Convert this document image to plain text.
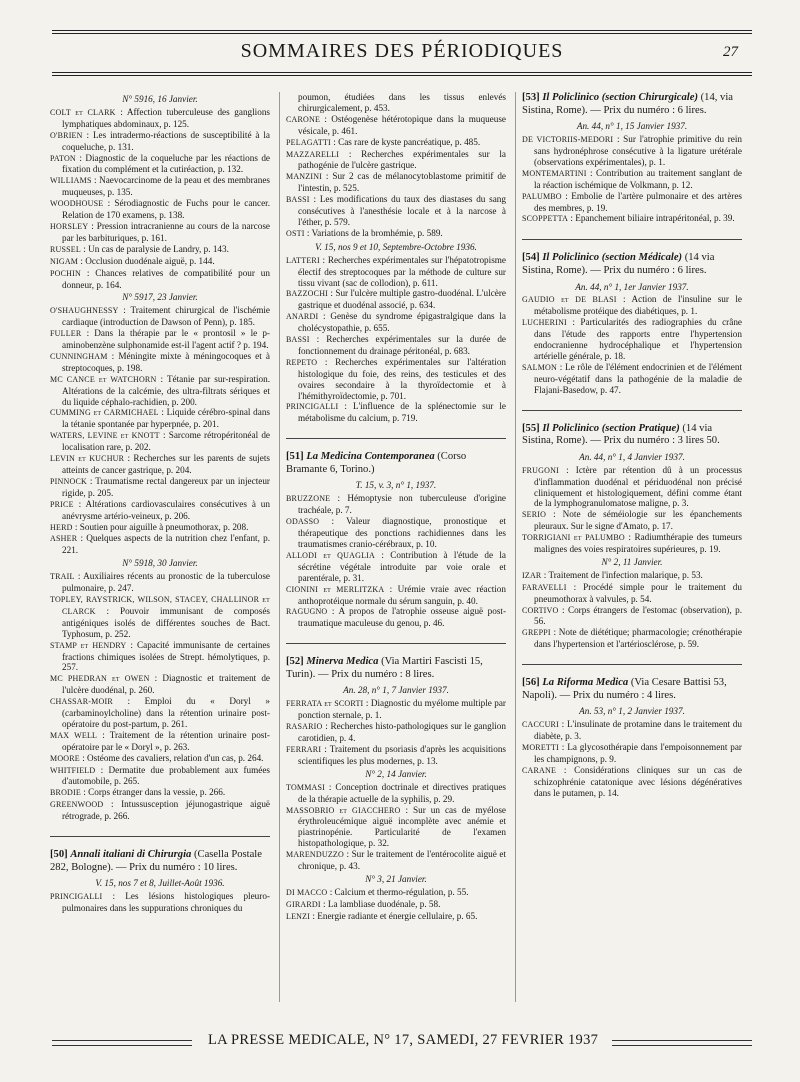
SOMMAIRES DES PÉRIODIQUES	27
N° 5916, 16 Janvier.
COLT et CLARK : Affection tuberculeuse des ganglions lymphatiques abdominaux, p. 125.
O'BRIEN : Les intradermo-réactions de susceptibilité à la coqueluche, p. 131.
PATON : Diagnostic de la coqueluche par les réactions de fixation du complément et la cutiréaction, p. 132.
WILLIAMS : Naevocarcinome de la peau et des membranes muqueuses, p. 135.
WOODHOUSE : Sérodiagnostic de Fuchs pour le cancer. Relation de 170 examens, p. 138.
HORSLEY : Pression intracranienne au cours de la narcose par les barbituriques, p. 161.
RUSSEL : Un cas de paralysie de Landry, p. 143.
NIGAM : Occlusion duodénale aiguë, p. 144.
POCHIN : Chances relatives de compatibilité pour un donneur, p. 164.
N° 5917, 23 Janvier.
O'SHAUGHNESSY : Traitement chirurgical de l'ischémie cardiaque (introduction de Dawson of Penn), p. 185.
FULLER : Dans la thérapie par le « prontosil » le p- aminobenzène sulphonamide est-il l'agent actif ? p. 194.
CUNNINGHAM : Méningite mixte à méningocoques et à streptocoques, p. 198.
MC CANCE et WATCHORN : Tétanie par sur-respiration. Altérations de la calcémie, des ultra-filtrats sériques et du liquide céphalo-rachidien, p. 200.
CUMMING et CARMICHAEL : Liquide cérébro-spinal dans la tétanie spontanée par hyperpnée, p. 201.
WATERS, LEVINE et KNOTT : Sarcome rétropéritonéal de localisation rare, p. 202.
LEVIN et KUCHUR : Recherches sur les parents de sujets atteints de cancer gastrique, p. 204.
PINNOCK : Traumatisme rectal dangereux par un injecteur rigide, p. 205.
PRICE : Altérations cardiovasculaires consécutives à un anévrysme artério-veineux, p. 206.
HERD : Soutien pour aiguille à pneumothorax, p. 208.
ASHER : Quelques aspects de la nutrition chez l'enfant, p. 221.
N° 5918, 30 Janvier.
TRAIL : Auxiliaires récents au pronostic de la tuberculose pulmonaire, p. 247.
TOPLEY, RAYSTRICK, WILSON, STACEY, CHALLINOR et CLARCK : Pouvoir immunisant de composés antigéniques isolés de différentes souches de Bact. Typhosum, p. 252.
STAMP et HENDRY : Capacité immunisante de certaines fractions chimiques isolées de Strept. hémolytiques, p. 257.
MC PHEDRAN et OWEN : Diagnostic et traitement de l'ulcère duodénal, p. 260.
CHASSAR-MOIR : Emploi du « Doryl » (carbaminoylcholine) dans la rétention urinaire post-opératoire du post-partum, p. 261.
MAX WELL : Traitement de la rétention urinaire post-opératoire par le « Doryl », p. 263.
MOORE : Ostéome des cavaliers, relation d'un cas, p. 264.
WHITFIELD : Dermatite due probablement aux fumées d'automobile, p. 265.
BRODIE : Corps étranger dans la vessie, p. 266.
GREENWOOD : Intussusception jéjunogastrique aiguë rétrograde, p. 266.
[50] Annali italiani di Chirurgia (Casella Postale 282, Bologne). — Prix du numéro : 10 lires.
V. 15, nos 7 et 8, Juillet-Août 1936.
PRINCIGALLI : Les lésions histologiques pleuro-pulmonaires dans les suppurations chroniques du
poumon, étudiées dans les tissus enlevés chirurgicalement, p. 453.
CARONE : Ostéogenèse hétérotopique dans la muqueuse vésicale, p. 461.
PELAGATTI : Cas rare de kyste pancréatique, p. 485.
MAZZARELLI : Recherches expérimentales sur la pathogénie de l'ulcère gastrique.
MANZINI : Sur 2 cas de mélanocytoblastome primitif de l'intestin, p. 525.
BASSI : Les modifications du taux des diastases du sang consécutives à l'anesthésie locale et à la narcose à l'éther, p. 579.
OSTI : Variations de la bromhémie, p. 589.
V. 15, nos 9 et 10, Septembre-Octobre 1936.
LATTERI : Recherches expérimentales sur l'hépatotropisme électif des streptocoques par la méthode de culture sur tissu vivant (sac de collodion), p. 611.
BAZZOCHI : Sur l'ulcère multiple gastro-duodénal. L'ulcère gastrique et duodénal associé, p. 634.
ANARDI : Genèse du syndrome épigastralgique dans la cholécystopathie, p. 655.
BASSI : Recherches expérimentales sur la durée de fonctionnement du drainage péritonéal, p. 683.
REPETO : Recherches expérimentales sur l'altération histologique du foie, des reins, des testicules et des ovaires secondaire à la thyroïdectomie et à l'hémithyroïdectomie, p. 701.
PRINCIGALLI : L'influence de la splénectomie sur le métabolisme du calcium, p. 719.
[51] La Medicina Contemporanea (Corso Bramante 6, Torino.)
T. 15, v. 3, n° 1, 1937.
BRUZZONE : Hémoptysie non tuberculeuse d'origine trachéale, p. 7.
ODASSO : Valeur diagnostique, pronostique et thérapeutique des ponctions rachidiennes dans les traumatismes cranio-cérébraux, p. 10.
ALLODI et QUAGLIA : Contribution à l'étude de la sécrétine végétale introduite par voie orale et parentérale, p. 31.
CIONINI et MERLITZKA : Urémie vraie avec réaction anthoprotéique normale du sérum sanguin, p. 40.
RAGUGNO : A propos de l'atrophie osseuse aiguë post-traumatique maculeuse du genou, p. 46.
[52] Minerva Medica (Via Martiri Fascisti 15, Turin). — Prix du numéro : 8 lires.
An. 28, n° 1, 7 Janvier 1937.
FERRATA et SCORTI : Diagnostic du myélome multiple par ponction sternale, p. 1.
RASARIO : Recherches histo-pathologiques sur le ganglion carotidien, p. 4.
FERRARI : Traitement du psoriasis d'après les acquisitions scientifiques les plus modernes, p. 13.
N° 2, 14 Janvier.
TOMMASI : Conception doctrinale et directives pratiques de la thérapie actuelle de la syphilis, p. 29.
MASSOBRIO et GIACCHERO : Sur un cas de myélose érythroleucémique aiguë incomplète avec anémie et piastrinopénie. Particularité de l'examen histopathologique, p. 32.
MARENDUZZO : Sur le traitement de l'entérocolite aiguë et chronique, p. 43.
N° 3, 21 Janvier.
DI MACCO : Calcium et thermo-régulation, p. 55.
GIRARDI : La lambliase duodénale, p. 58.
LENZI : Energie radiante et énergie cellulaire, p. 65.
[53] Il Policlinico (section Chirurgicale) (14, via Sistina, Rome). — Prix du numéro : 6 lires.
An. 44, n° 1, 15 Janvier 1937.
DE VICTORIIS-MEDORI : Sur l'atrophie primitive du rein sans hydronéphrose consécutive à la ligature urétérale (observations expérimentales), p. 1.
MONTEMARTINI : Contribution au traitement sanglant de la réaction ischémique de Volkmann, p. 12.
PALUMBO : Embolie de l'artère pulmonaire et des artères des membres, p. 19.
SCOPPETTA : Epanchement biliaire intrapéritonéal, p. 39.
[54] Il Policlinico (section Médicale) (14 via Sistina, Rome). — Prix du numéro : 6 lires.
An. 44, n° 1, 1er Janvier 1937.
GAUDIO et DE BLASI : Action de l'insuline sur le métabolisme protéique des diabétiques, p. 1.
LUCHERINI : Particularités des radiographies du crâne dans l'étude des rapports entre l'hypertension endocranienne hydrocéphalique et l'hypertension artérielle générale, p. 18.
SALMON : Le rôle de l'élément endocrinien et de l'élément neuro-végétatif dans la pathogénie de la maladie de Flajani-Basedow, p. 47.
[55] Il Policlinico (section Pratique) (14 via Sistina, Rome). — Prix du numéro : 3 lires 50.
An. 44, n° 1, 4 Janvier 1937.
FRUGONI : Ictère par rétention dû à un processus d'inflammation duodénal et périduodénal non précisé cliniquement et histologiquement, défini comme étant de la lymphogranulomatose maligne, p. 3.
SERIO : Note de séméiologie sur les épanchements pleuraux. Sur le signe d'Amato, p. 17.
TORRIGIANI et PALUMBO : Radiumthérapie des tumeurs malignes des voies respiratoires supérieures, p. 19.
N° 2, 11 Janvier.
IZAR : Traitement de l'infection malarique, p. 53.
FARAVELLI : Procédé simple pour le traitement du pneumothorax à valvules, p. 54.
CORTIVO : Corps étrangers de l'estomac (observation), p. 56.
GREPPI : Note de diététique; pharmacologie; crénothérapie dans l'hypertension et l'artériosclérose, p. 59.
[56] La Riforma Medica (Via Cesare Battisi 53, Napoli). — Prix du numéro : 4 lires.
An. 53, n° 1, 2 Janvier 1937.
CACCURI : L'insulinate de protamine dans le traitement du diabète, p. 3.
MORETTI : La glycosothérapie dans l'empoisonnement par les champignons, p. 9.
CARANE : Considérations cliniques sur un cas de schizophrénie catatonique avec lésions dégénératives dans le putamen, p. 14.
LA PRESSE MEDICALE, N° 17, SAMEDI, 27 FEVRIER 1937
